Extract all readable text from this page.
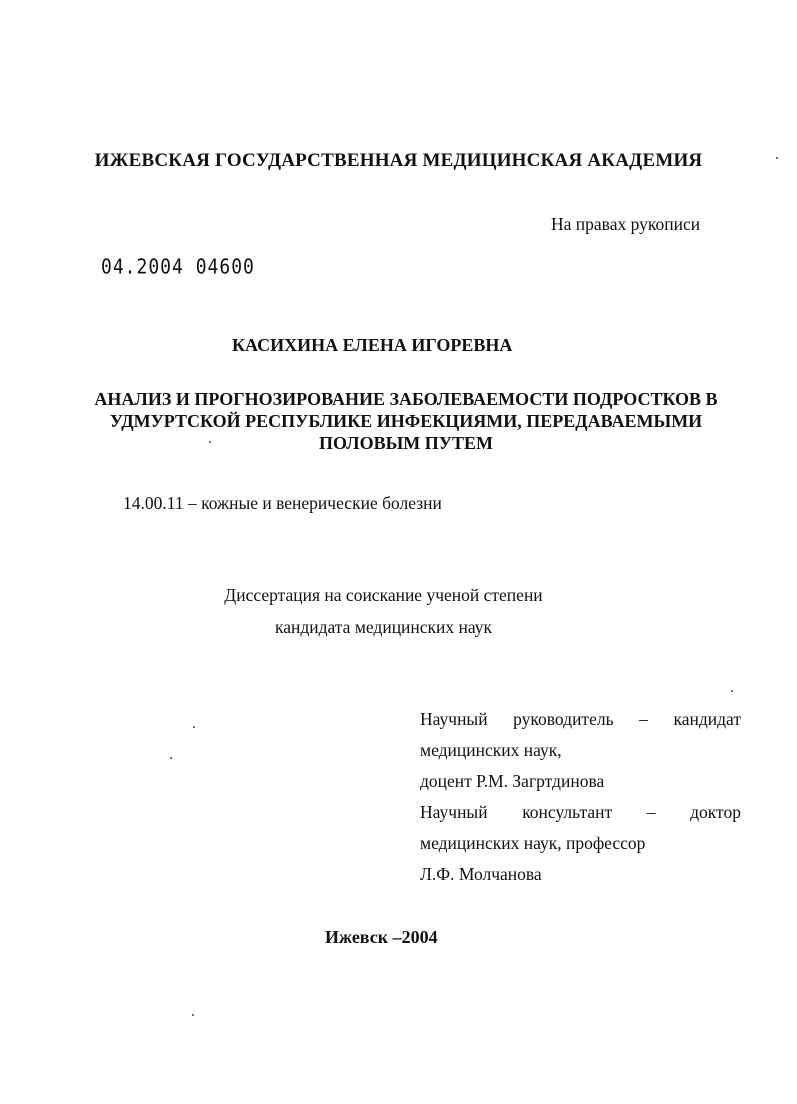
ИЖЕВСКАЯ ГОСУДАРСТВЕННАЯ МЕДИЦИНСКАЯ АКАДЕМИЯ
На правах рукописи
04.2004 04600
КАСИХИНА ЕЛЕНА ИГОРЕВНА
АНАЛИЗ И ПРОГНОЗИРОВАНИЕ ЗАБОЛЕВАЕМОСТИ ПОДРОСТКОВ В
УДМУРТСКОЙ РЕСПУБЛИКЕ ИНФЕКЦИЯМИ, ПЕРЕДАВАЕМЫМИ
ПОЛОВЫМ ПУТЕМ
14.00.11 – кожные и венерические болезни
Диссертация на соискание ученой степени
кандидата медицинских наук
Научный руководитель – кандидат
медицинских наук,
доцент Р.М. Загртдинова
Научный консультант – доктор
медицинских наук, профессор
Л.Ф. Молчанова
Ижевск –2004
